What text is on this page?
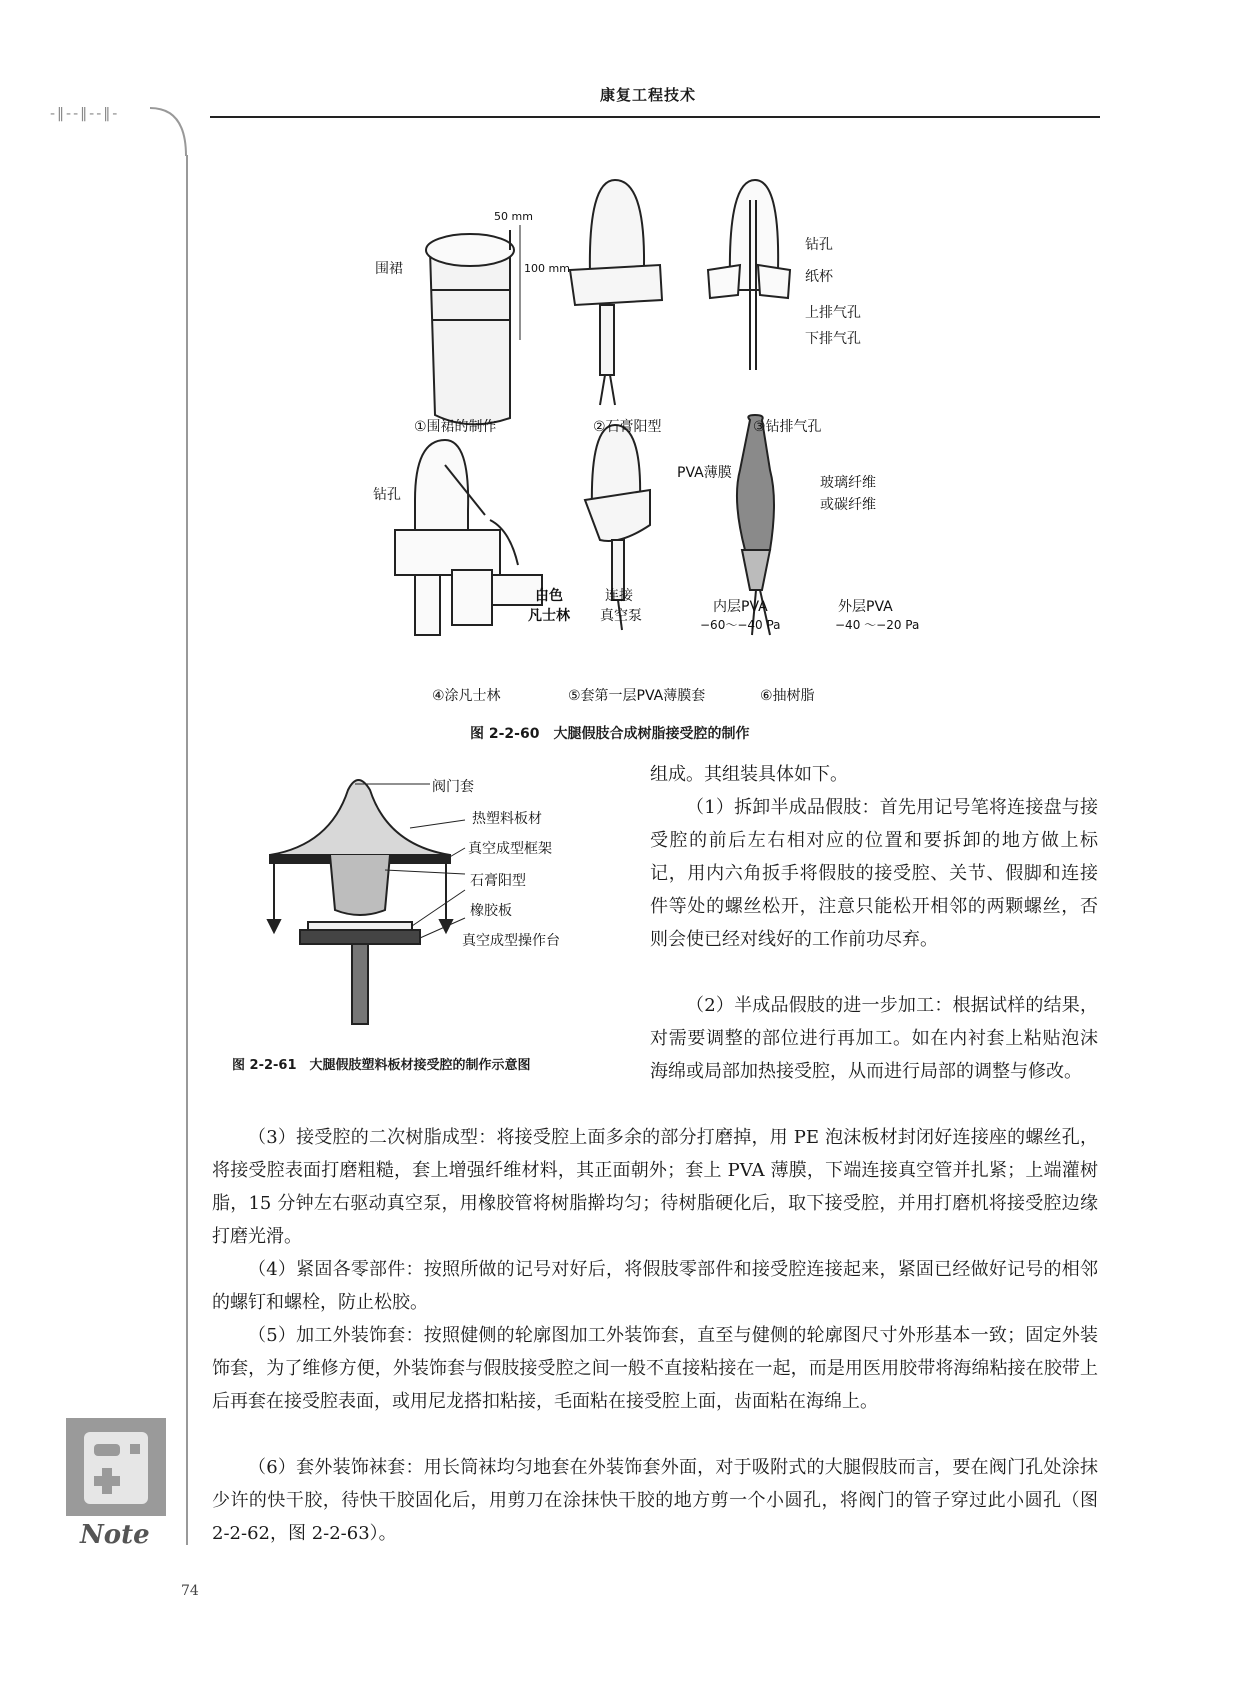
-‖--‖--‖-
康复工程技术
围裙
50 mm
100 mm
钻孔
纸杯
上排气孔
下排气孔
钻孔
白色
凡士林
PVA薄膜
连接
真空泵
玻璃纤维
或碳纤维
内层PVA
−60～−40 Pa
外层PVA
−40 ～−20 Pa
①围裙的制作	②石膏阳型	③钻排气孔
④涂凡士林	⑤套第一层PVA薄膜套	⑥抽树脂
图 2-2-60　大腿假肢合成树脂接受腔的制作
阀门套
热塑料板材
真空成型框架
石膏阳型
橡胶板
真空成型操作台
图 2-2-61　大腿假肢塑料板材接受腔的制作示意图
组成。其组装具体如下。
（1）拆卸半成品假肢：首先用记号笔将连接盘与接受腔的前后左右相对应的位置和要拆卸的地方做上标记，用内六角扳手将假肢的接受腔、关节、假脚和连接件等处的螺丝松开，注意只能松开相邻的两颗螺丝，否则会使已经对线好的工作前功尽弃。
（2）半成品假肢的进一步加工：根据试样的结果，对需要调整的部位进行再加工。如在内衬套上粘贴泡沫海绵或局部加热接受腔，从而进行局部的调整与修改。
（3）接受腔的二次树脂成型：将接受腔上面多余的部分打磨掉，用 PE 泡沫板材封闭好连接座的螺丝孔，将接受腔表面打磨粗糙，套上增强纤维材料，其正面朝外；套上 PVA 薄膜，下端连接真空管并扎紧；上端灌树脂，15 分钟左右驱动真空泵，用橡胶管将树脂擀均匀；待树脂硬化后，取下接受腔，并用打磨机将接受腔边缘打磨光滑。
（4）紧固各零部件：按照所做的记号对好后，将假肢零部件和接受腔连接起来，紧固已经做好记号的相邻的螺钉和螺栓，防止松胶。
（5）加工外装饰套：按照健侧的轮廓图加工外装饰套，直至与健侧的轮廓图尺寸外形基本一致；固定外装饰套，为了维修方便，外装饰套与假肢接受腔之间一般不直接粘接在一起，而是用医用胶带将海绵粘接在胶带上后再套在接受腔表面，或用尼龙搭扣粘接，毛面粘在接受腔上面，齿面粘在海绵上。
（6）套外装饰袜套：用长筒袜均匀地套在外装饰套外面，对于吸附式的大腿假肢而言，要在阀门孔处涂抹少许的快干胶，待快干胶固化后，用剪刀在涂抹快干胶的地方剪一个小圆孔，将阀门的管子穿过此小圆孔（图 2-2-62，图 2-2-63）。
Note
74
